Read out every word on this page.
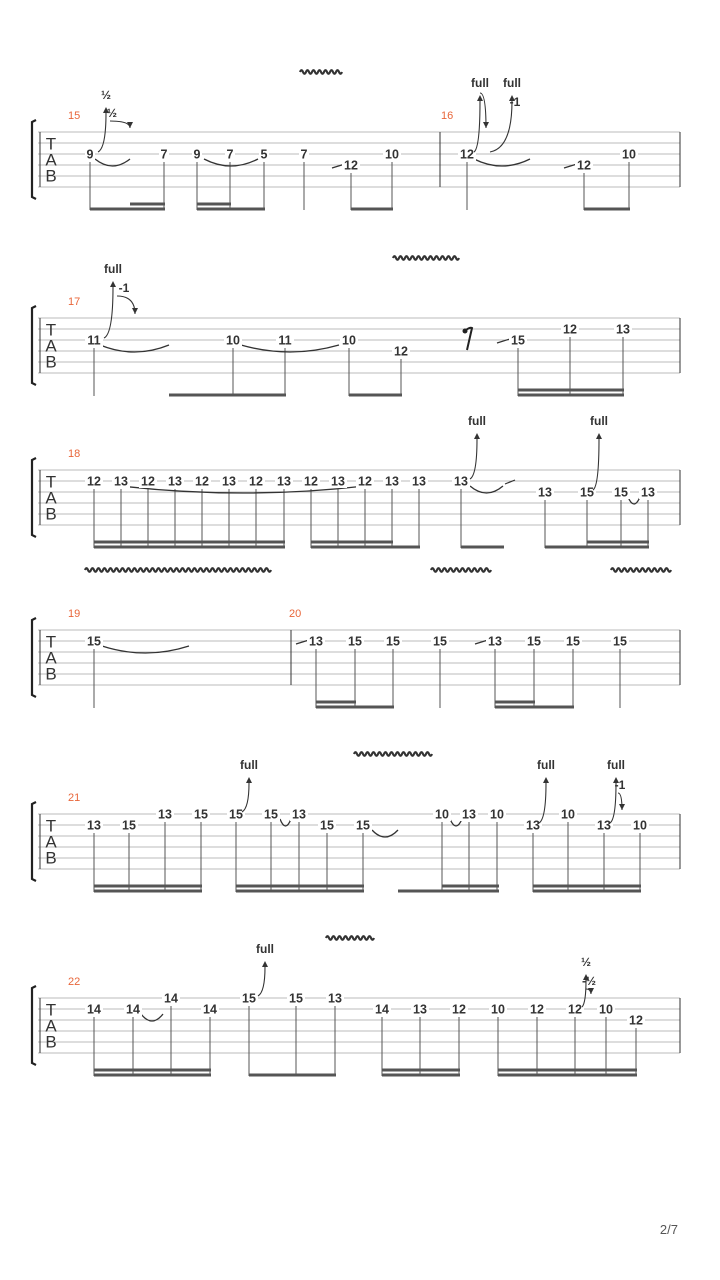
T
A
B
15	16
9	7 9 7 5	7
12
10	12
12
10
½
½
full full
-1
T
A
B
17
11	10	11	10
12
15
12	13
full
-1
T
A
B
18
12 13 12 13 12 13 12 13 12 13 12 13 13 13
13 15 15 13
full	full
T
A
B
19	20
15	13 15 15	15	13 15 15	15
T
A
B
21
13 15
13 15 15 15 13
15 15
10 13 10
13
10
13 10
full	full	full
-1
T
A
B
22
14 14
14
14
15	15 13
14 13 12 10 12 12 10
12
full
½
-½
2/7
